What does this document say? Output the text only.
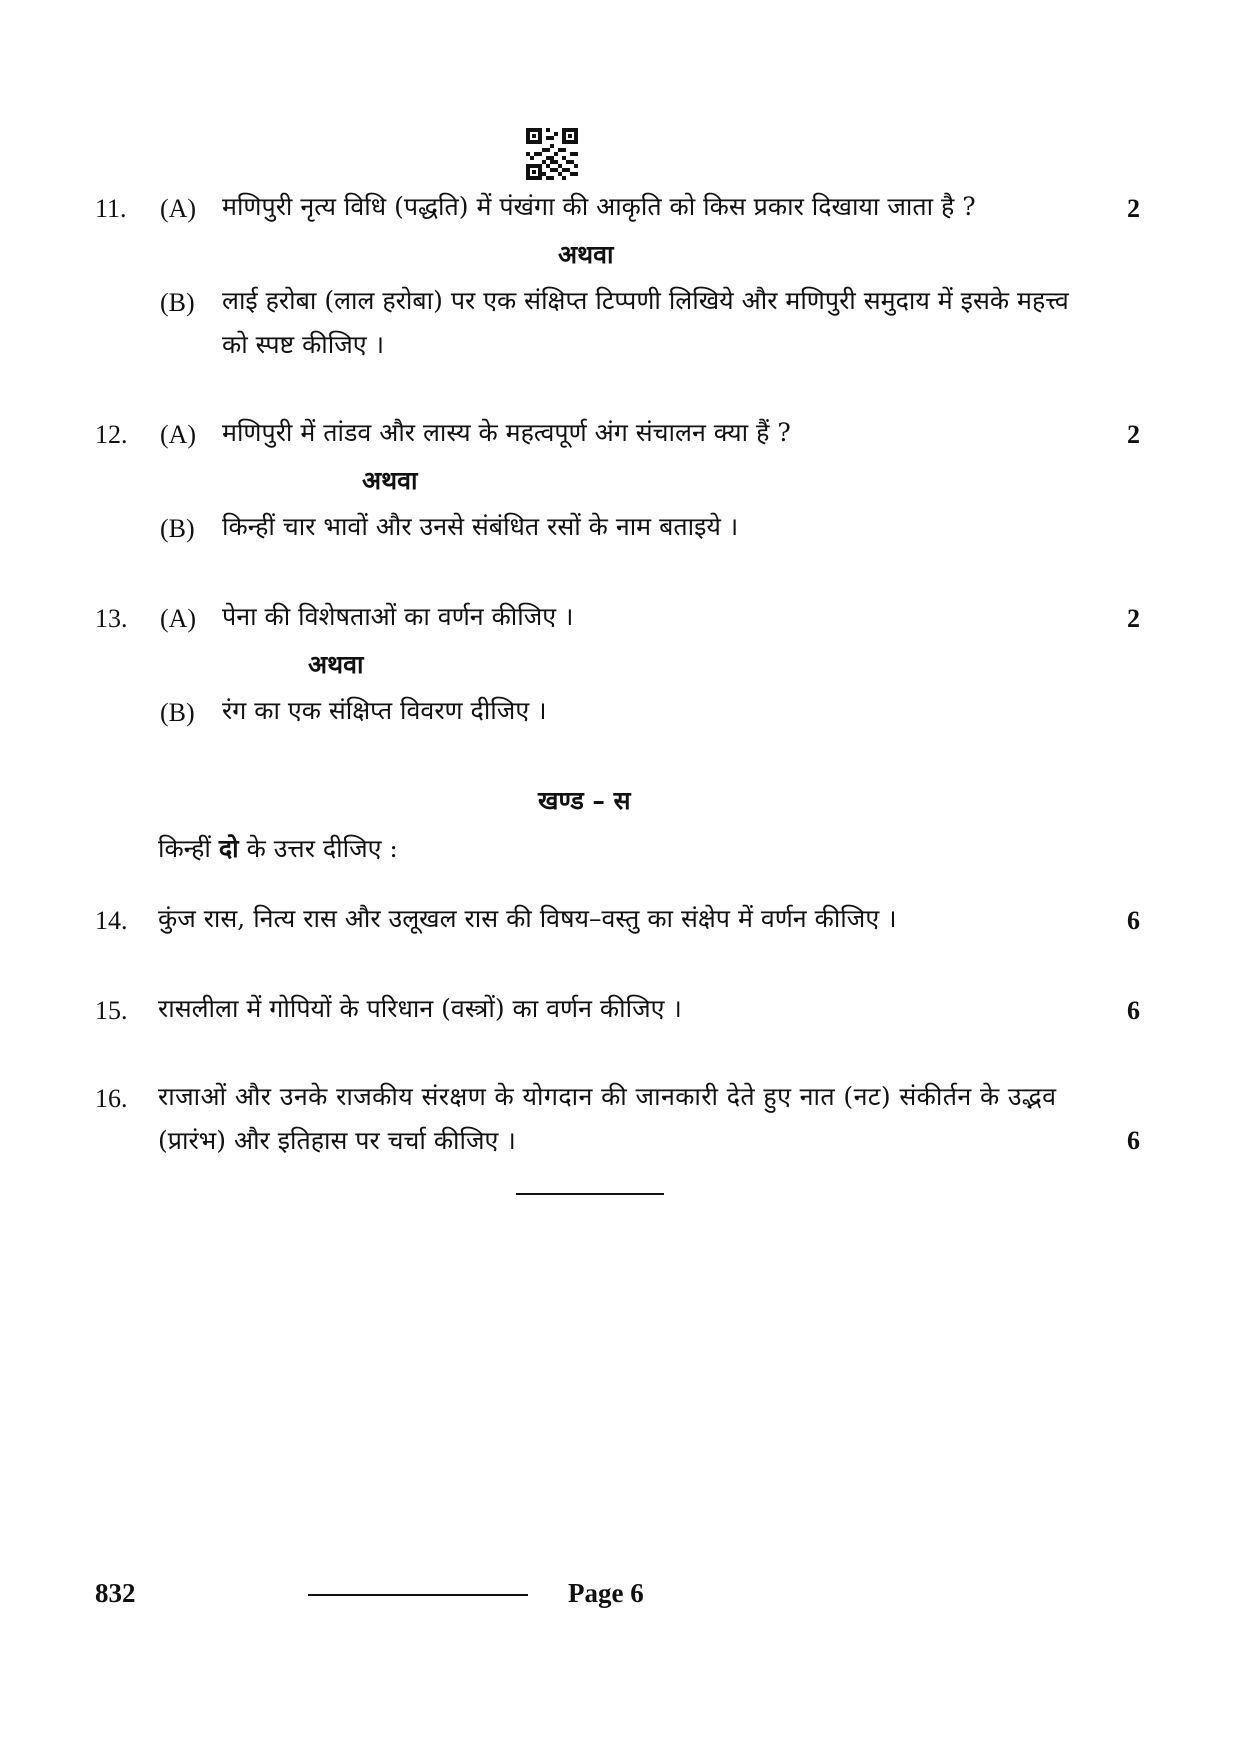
11. (A) मणिपुरी नृत्य विधि (पद्धति) में पंखंगा की आकृति को किस प्रकार दिखाया जाता है ?	2
अथवा
(B) लाई हरोबा (लाल हरोबा) पर एक संक्षिप्त टिप्पणी लिखिये और मणिपुरी समुदाय में इसके महत्त्व
को स्पष्ट कीजिए ।
12. (A) मणिपुरी में तांडव और लास्य के महत्वपूर्ण अंग संचालन क्या हैं ?	2
अथवा
(B) किन्हीं चार भावों और उनसे संबंधित रसों के नाम बताइये ।
13. (A) पेना की विशेषताओं का वर्णन कीजिए ।	2
अथवा
(B) रंग का एक संक्षिप्त विवरण दीजिए ।
खण्ड – स
किन्हीं दो के उत्तर दीजिए :
14. कुंज रास, नित्य रास और उलूखल रास की विषय–वस्तु का संक्षेप में वर्णन कीजिए ।	6
15. रासलीला में गोपियों के परिधान (वस्त्रों) का वर्णन कीजिए ।	6
16. राजाओं और उनके राजकीय संरक्षण के योगदान की जानकारी देते हुए नात (नट) संकीर्तन के उद्भव
(प्रारंभ) और इतिहास पर चर्चा कीजिए ।	6
832	Page 6
